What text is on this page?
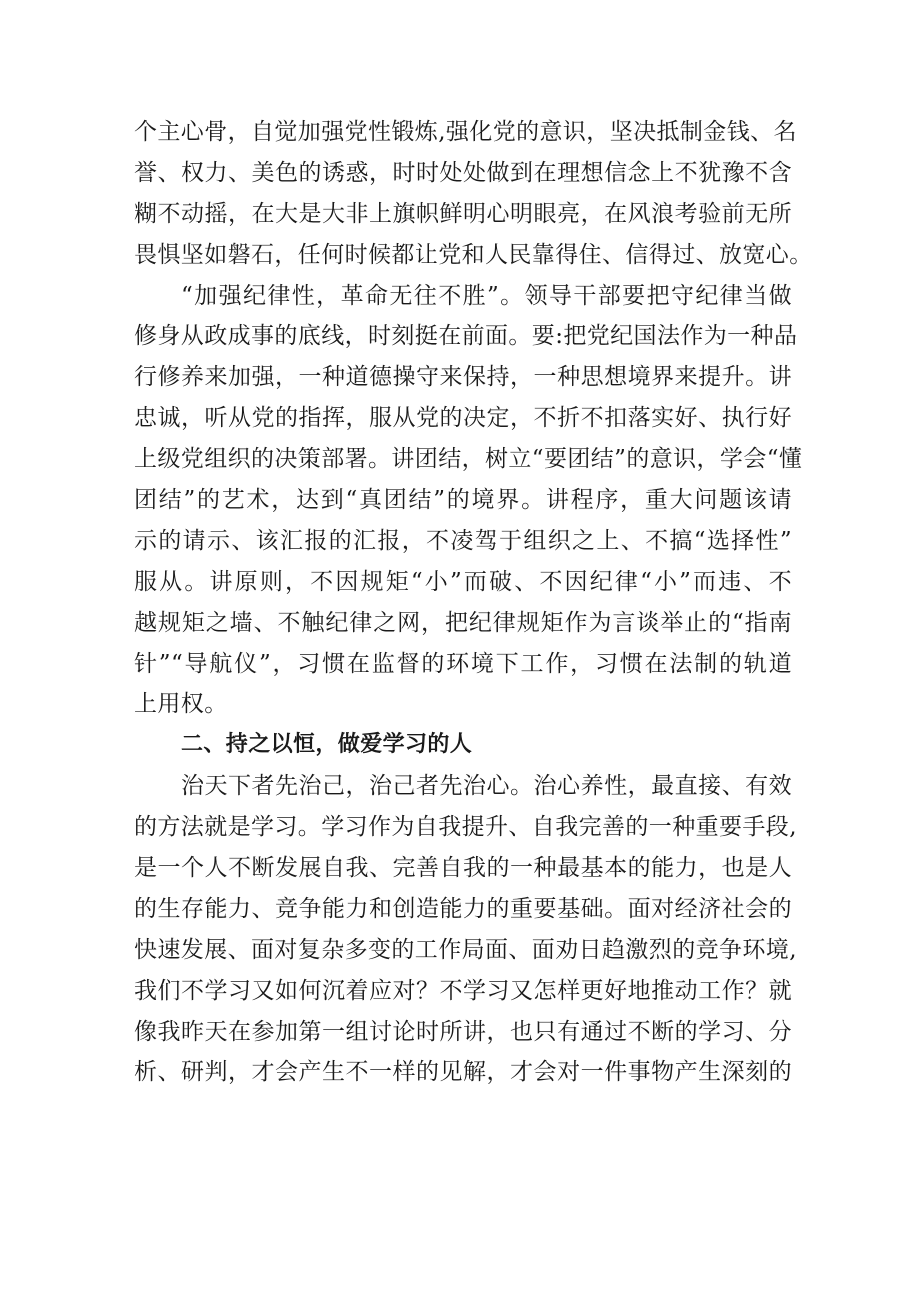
个主心骨，自觉加强党性锻炼,强化党的意识，坚决抵制金钱、名
誉、权力、美色的诱惑，时时处处做到在理想信念上不犹豫不含
糊不动摇，在大是大非上旗帜鲜明心明眼亮，在风浪考验前无所
畏惧坚如磐石，任何时候都让党和人民靠得住、信得过、放宽心。
“加强纪律性，革命无往不胜”。领导干部要把守纪律当做
修身从政成事的底线，时刻挺在前面。要:把党纪国法作为一种品
行修养来加强，一种道德操守来保持，一种思想境界来提升。讲
忠诚，听从党的指挥，服从党的决定，不折不扣落实好、执行好
上级党组织的决策部署。讲团结，树立“要团结”的意识，学会“懂
团结”的艺术，达到“真团结”的境界。讲程序，重大问题该请
示的请示、该汇报的汇报，不凌驾于组织之上、不搞“选择性”
服从。讲原则，不因规矩“小”而破、不因纪律“小”而违、不
越规矩之墙、不触纪律之网，把纪律规矩作为言谈举止的“指南
针”“导航仪”，习惯在监督的环境下工作，习惯在法制的轨道
上用权。
二、持之以恒，做爱学习的人
治天下者先治己，治己者先治心。治心养性，最直接、有效
的方法就是学习。学习作为自我提升、自我完善的一种重要手段,
是一个人不断发展自我、完善自我的一种最基本的能力，也是人
的生存能力、竞争能力和创造能力的重要基础。面对经济社会的
快速发展、面对复杂多变的工作局面、面劝日趋激烈的竞争环境,
我们不学习又如何沉着应对？不学习又怎样更好地推动工作？就
像我昨天在参加第一组讨论时所讲，也只有通过不断的学习、分
析、研判，才会产生不一样的见解，才会对一件事物产生深刻的
